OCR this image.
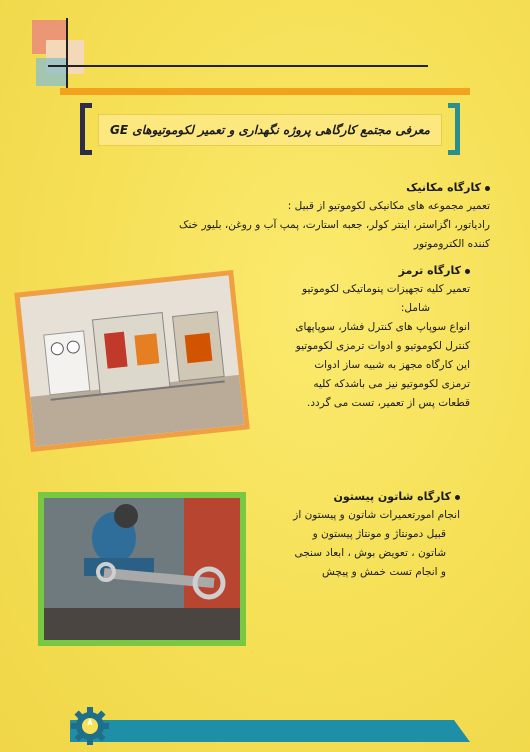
معرفی مجتمع کارگاهی پروژه نگهداری و تعمیر لکوموتیوهای GE
کارگاه مکانیک
تعمیر مجموعه های مکانیکی لکوموتیو از قبیل :
رادیاتور، اگزاستر، اینتر کولر، جعبه استارت، پمپ آب و روغن، بلیور خنک
کننده الکتروموتور
کارگاه ترمز
تعمیر کلیه تجهیزات پنوماتیکی لکوموتیو
شامل:
انواع سوپاپ های کنترل فشار، سوپاپهای
کنترل لکوموتیو و ادوات ترمزی لکوموتیو
این کارگاه مجهز به شبیه ساز ادوات
ترمزی لکوموتیو نیز می باشدکه کلیه
قطعات پس از تعمیر، تست می گردد.
کارگاه شاتون پیستون
انجام امورتعمیرات شاتون و پیستون از
قبیل دمونتاژ و مونتاژ پیستون و
شاتون ، تعویض بوش ، ابعاد سنجی
و انجام تست خمش و پیچش
۸
